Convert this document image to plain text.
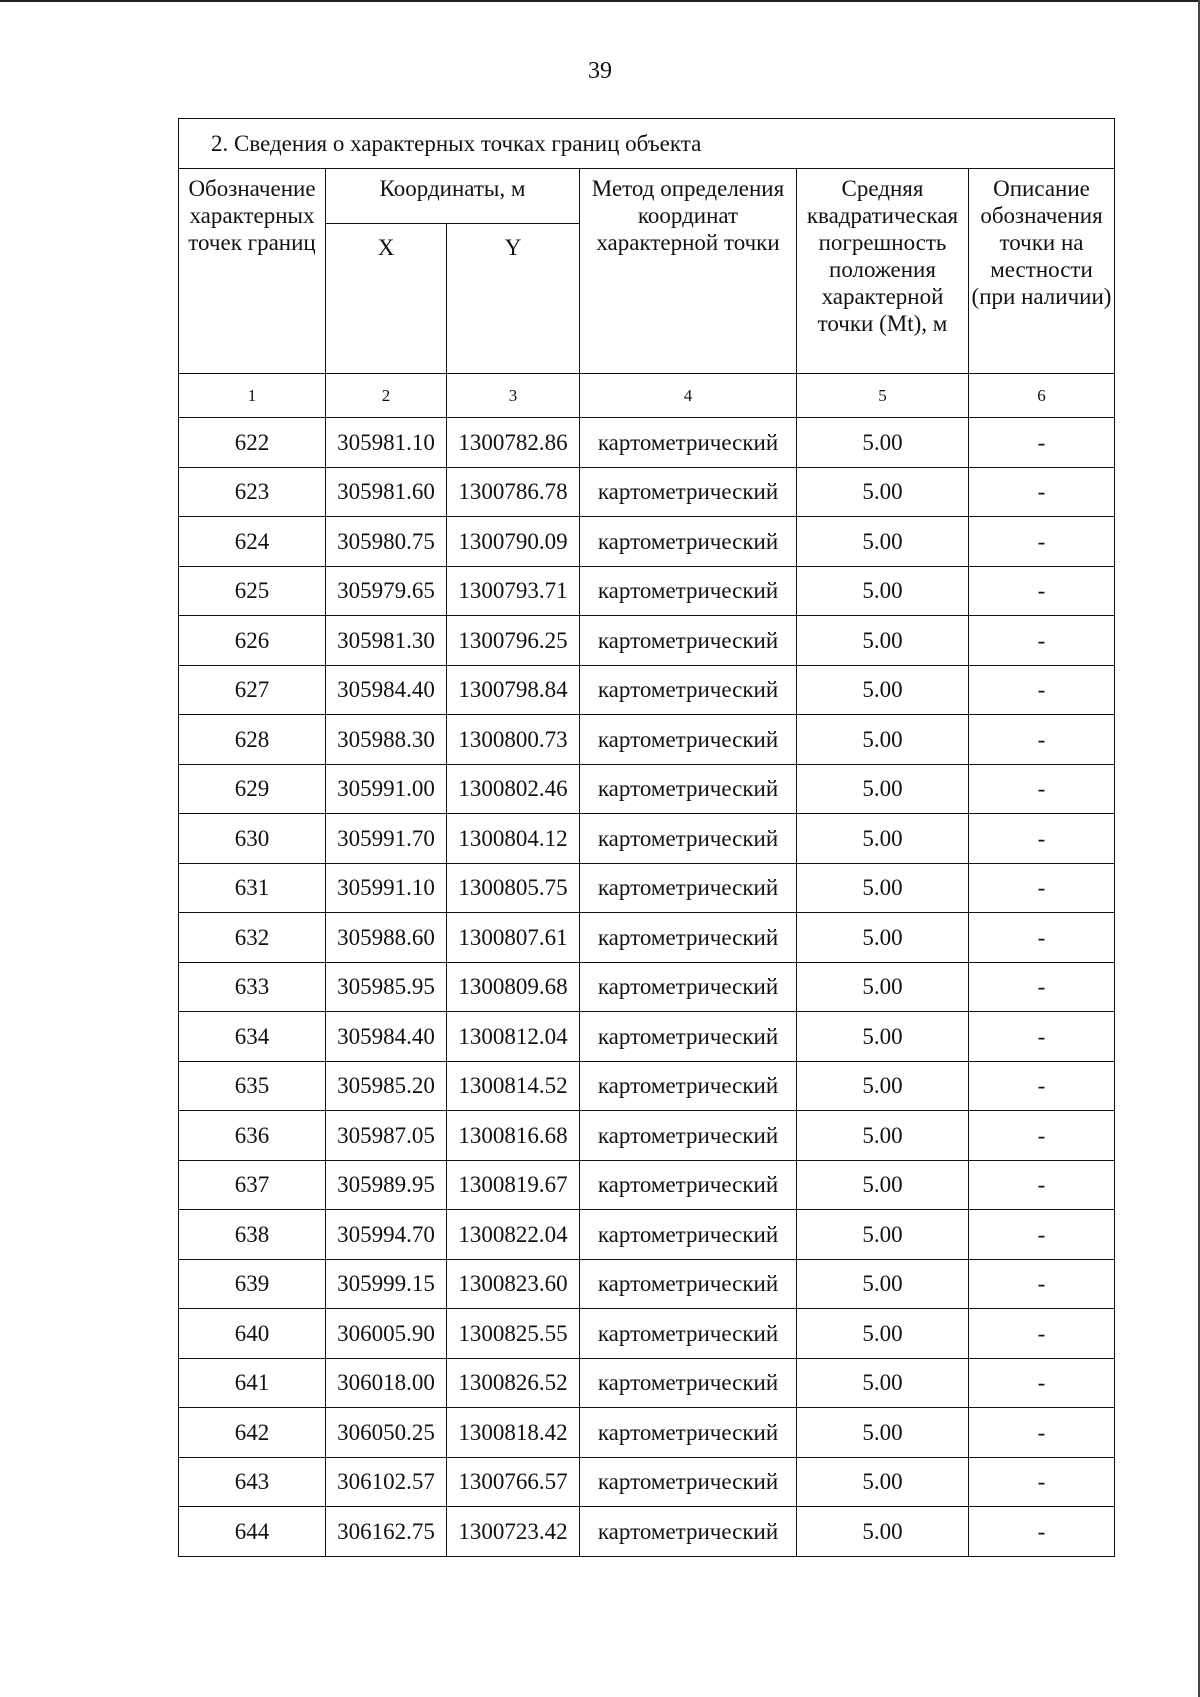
39
2. Сведения о характерных точках границ объекта					
Обозначение характерных точек границ	Координаты, м		Метод определения координат характерной точки	Средняя квадратическая погрешность положения характерной точки (Mt), м	Описание обозначения точки на местности (при наличии)
	X	Y			
1	2	3	4	5	6
622	305981.10	1300782.86	картометрический	5.00	-
623	305981.60	1300786.78	картометрический	5.00	-
624	305980.75	1300790.09	картометрический	5.00	-
625	305979.65	1300793.71	картометрический	5.00	-
626	305981.30	1300796.25	картометрический	5.00	-
627	305984.40	1300798.84	картометрический	5.00	-
628	305988.30	1300800.73	картометрический	5.00	-
629	305991.00	1300802.46	картометрический	5.00	-
630	305991.70	1300804.12	картометрический	5.00	-
631	305991.10	1300805.75	картометрический	5.00	-
632	305988.60	1300807.61	картометрический	5.00	-
633	305985.95	1300809.68	картометрический	5.00	-
634	305984.40	1300812.04	картометрический	5.00	-
635	305985.20	1300814.52	картометрический	5.00	-
636	305987.05	1300816.68	картометрический	5.00	-
637	305989.95	1300819.67	картометрический	5.00	-
638	305994.70	1300822.04	картометрический	5.00	-
639	305999.15	1300823.60	картометрический	5.00	-
640	306005.90	1300825.55	картометрический	5.00	-
641	306018.00	1300826.52	картометрический	5.00	-
642	306050.25	1300818.42	картометрический	5.00	-
643	306102.57	1300766.57	картометрический	5.00	-
644	306162.75	1300723.42	картометрический	5.00	-
